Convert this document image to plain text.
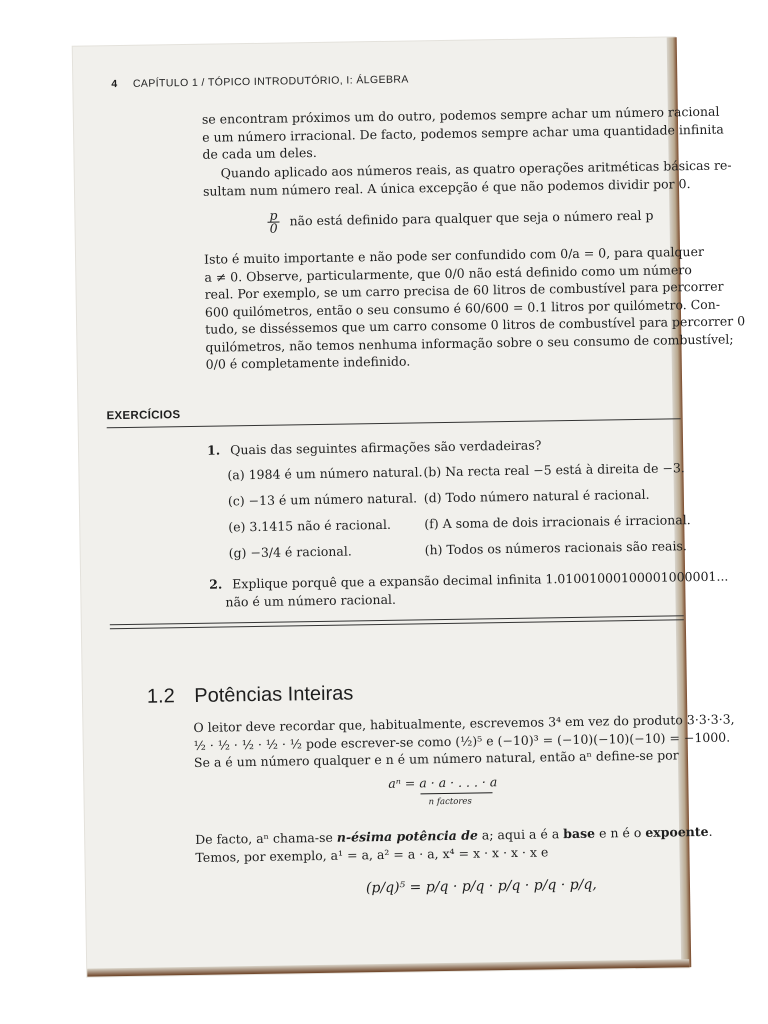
4 CAPÍTULO 1 / TÓPICO INTRODUTÓRIO, I: ÁLGEBRA
se encontram próximos um do outro, podemos sempre achar um número racional
e um número irracional. De facto, podemos sempre achar uma quantidade infinita
de cada um deles.
Quando aplicado aos números reais, as quatro operações aritméticas básicas re-
sultam num número real. A única excepção é que não podemos dividir por 0.
$\frac{p}{0}$ não está definido para qualquer que seja o número real p
Isto é muito importante e não pode ser confundido com 0/a = 0, para qualquer
a ≠ 0. Observe, particularmente, que 0/0 não está definido como um número
real. Por exemplo, se um carro precisa de 60 litros de combustível para percorrer
600 quilómetros, então o seu consumo é 60/600 = 0.1 litros por quilómetro. Con-
tudo, se disséssemos que um carro consome 0 litros de combustível para percorrer 0
quilómetros, não temos nenhuma informação sobre o seu consumo de combustível;
0/0 é completamente indefinido.
EXERCÍCIOS
1. Quais das seguintes afirmações são verdadeiras?
(a) 1984 é um número natural.
(c) −13 é um número natural.
(e) 3.1415 não é racional.
(g) −3/4 é racional.
(b) Na recta real −5 está à direita de −3.
(d) Todo número natural é racional.
(f) A soma de dois irracionais é irracional.
(h) Todos os números racionais são reais.
2. Explique porquê que a expansão decimal infinita 1.01001000100001000001...
não é um número racional.
1.2 Potências Inteiras
O leitor deve recordar que, habitualmente, escrevemos 3⁴ em vez do produto 3·3·3·3,
½ · ½ · ½ · ½ · ½ pode escrever-se como (½)⁵ e (−10)³ = (−10)(−10)(−10) = −1000.
Se a é um número qualquer e n é um número natural, então aⁿ define-se por
aⁿ = a · a · . . . · a
n factores
De facto, aⁿ chama-se n-ésima potência de a; aqui a é a base e n é o expoente.
Temos, por exemplo, a¹ = a, a² = a · a, x⁴ = x · x · x · x e
(p/q)⁵ = p/q · p/q · p/q · p/q · p/q,
